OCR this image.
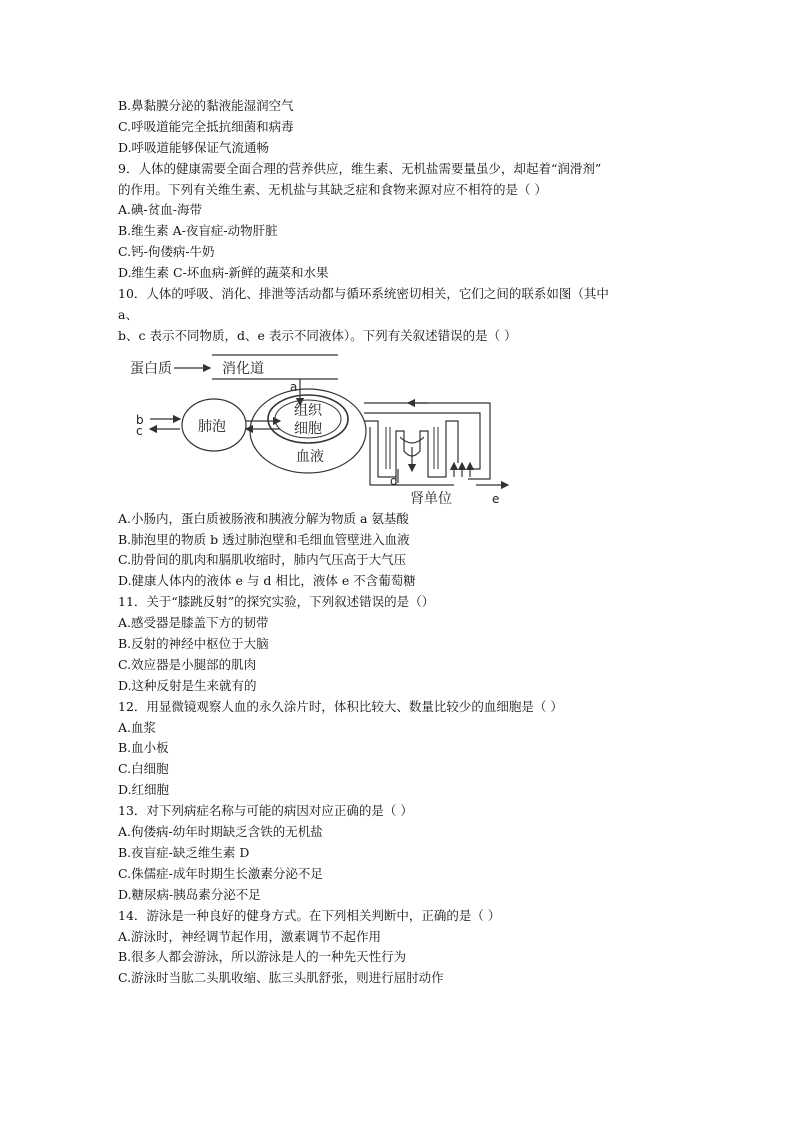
B.鼻黏膜分泌的黏液能湿润空气
C.呼吸道能完全抵抗细菌和病毒
D.呼吸道能够保证气流通畅
9．人体的健康需要全面合理的营养供应，维生素、无机盐需要量虽少，却起着“润滑剂”
的作用。下列有关维生素、无机盐与其缺乏症和食物来源对应不相符的是（ ）
A.碘-贫血-海带
B.维生素 A-夜盲症-动物肝脏
C.钙-佝偻病-牛奶
D.维生素 C-坏血病-新鲜的蔬菜和水果
10．人体的呼吸、消化、排泄等活动都与循环系统密切相关，它们之间的联系如图（其中
a、
b、c 表示不同物质，d、e 表示不同液体）。下列有关叙述错误的是（ ）
蛋白质	消化道
a
肺泡
b
c
组织
细胞
血液
d
e
肾单位
A.小肠内，蛋白质被肠液和胰液分解为物质 a 氨基酸
B.肺泡里的物质 b 透过肺泡壁和毛细血管壁进入血液
C.肋骨间的肌肉和膈肌收缩时，肺内气压高于大气压
D.健康人体内的液体 e 与 d 相比，液体 e 不含葡萄糖
11．关于“膝跳反射”的探究实验，下列叙述错误的是（）
A.感受器是膝盖下方的韧带
B.反射的神经中枢位于大脑
C.效应器是小腿部的肌肉
D.这种反射是生来就有的
12．用显微镜观察人血的永久涂片时，体积比较大、数量比较少的血细胞是（ ）
A.血浆
B.血小板
C.白细胞
D.红细胞
13．对下列病症名称与可能的病因对应正确的是（ ）
A.佝偻病-幼年时期缺乏含铁的无机盐
B.夜盲症-缺乏维生素 D
C.侏儒症-成年时期生长激素分泌不足
D.糖尿病-胰岛素分泌不足
14．游泳是一种良好的健身方式。在下列相关判断中，正确的是（ ）
A.游泳时，神经调节起作用，激素调节不起作用
B.很多人都会游泳，所以游泳是人的一种先天性行为
C.游泳时当肱二头肌收缩、肱三头肌舒张，则进行屈肘动作
